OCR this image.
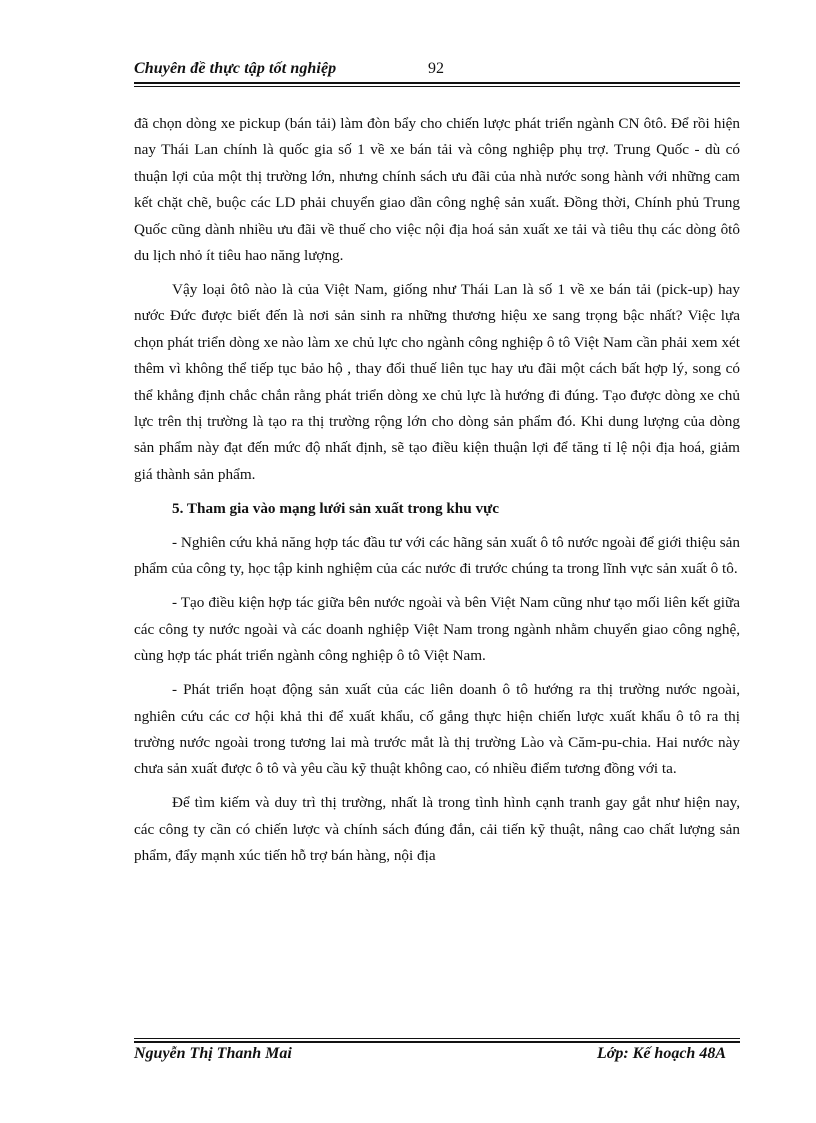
Chuyên đề thực tập tốt nghiệp	92

đã chọn dòng xe pickup (bán tải) làm đòn bẩy cho chiến lược phát triển ngành CN ôtô. Để rồi hiện nay Thái Lan chính là quốc gia số 1 về xe bán tải và công nghiệp phụ trợ. Trung Quốc - dù có thuận lợi của một thị trường lớn, nhưng chính sách ưu đãi của nhà nước song hành với những cam kết chặt chẽ, buộc các LD phải chuyển giao dần công nghệ sản xuất. Đồng thời, Chính phủ Trung Quốc cũng dành nhiều ưu đãi về thuế cho việc nội địa hoá sản xuất xe tải và tiêu thụ các dòng ôtô du lịch nhỏ ít tiêu hao năng lượng.

Vậy loại ôtô nào là của Việt Nam, giống như Thái Lan là số 1 về xe bán tải (pick-up) hay nước Đức được biết đến là nơi sản sinh ra những thương hiệu xe sang trọng bậc nhất? Việc lựa chọn phát triển dòng xe nào làm xe chủ lực cho ngành công nghiệp ô tô Việt Nam cần phải xem xét thêm vì không thể tiếp tục bảo hộ , thay đổi thuế liên tục hay ưu đãi một cách bất hợp lý, song có thể khẳng định chắc chắn rằng phát triển dòng xe chủ lực là hướng đi đúng. Tạo được dòng xe chủ lực trên thị trường là tạo ra thị trường rộng lớn cho dòng sản phẩm đó. Khi dung lượng của dòng sản phẩm này đạt đến mức độ nhất định, sẽ tạo điều kiện thuận lợi để tăng tỉ lệ nội địa hoá, giảm giá thành sản phẩm.

5. Tham gia vào mạng lưới sản xuất trong khu vực

- Nghiên cứu khả năng hợp tác đầu tư với các hãng sản xuất ô tô nước ngoài để giới thiệu sản phẩm của công ty, học tập kinh nghiệm của các nước đi trước chúng ta trong lĩnh vực sản xuất ô tô.

- Tạo điều kiện hợp tác giữa bên nước ngoài và bên Việt Nam cũng như tạo mối liên kết giữa các công ty nước ngoài và các doanh nghiệp Việt Nam trong ngành nhằm chuyển giao công nghệ, cùng hợp tác phát triển ngành công nghiệp ô tô Việt Nam.

- Phát triển hoạt động sản xuất của các liên doanh ô tô hướng ra thị trường nước ngoài, nghiên cứu các cơ hội khả thi để xuất khẩu, cố gắng thực hiện chiến lược xuất khẩu ô tô ra thị trường nước ngoài trong tương lai mà trước mắt là thị trường Lào và Căm-pu-chia. Hai nước này chưa sản xuất được ô tô và yêu cầu kỹ thuật không cao, có nhiều điểm tương đồng với ta.

Để tìm kiếm và duy trì thị trường, nhất là trong tình hình cạnh tranh gay gắt như hiện nay, các công ty cần có chiến lược và chính sách đúng đắn, cải tiến kỹ thuật, nâng cao chất lượng sản phẩm, đẩy mạnh xúc tiến hỗ trợ bán hàng, nội địa

Nguyễn Thị Thanh Mai	Lớp: Kế hoạch 48A
